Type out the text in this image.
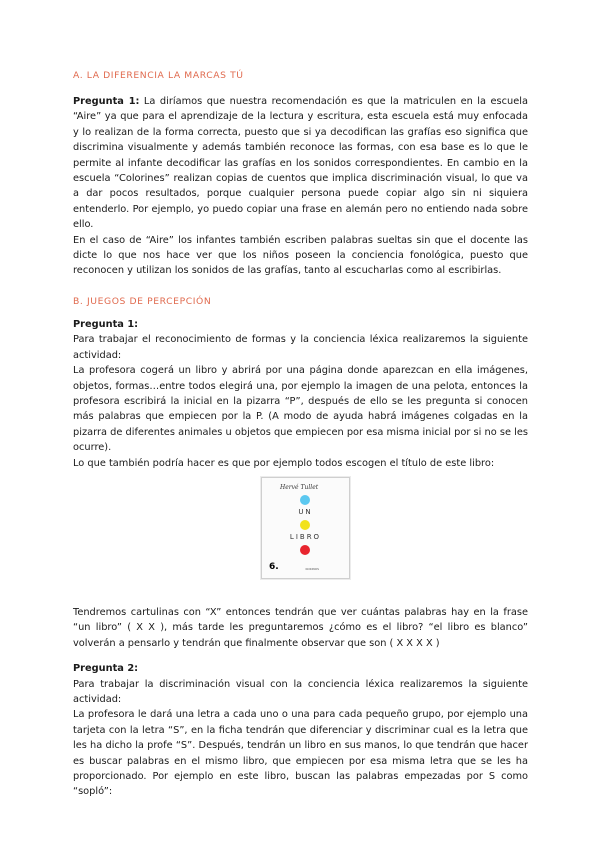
A. LA DIFERENCIA LA MARCAS TÚ

Pregunta 1: La diríamos que nuestra recomendación es que la matriculen en la escuela “Aire” ya que para el aprendizaje de la lectura y escritura, esta escuela está muy enfocada y lo realizan de la forma correcta, puesto que si ya decodifican las grafías eso significa que discrimina visualmente y además también reconoce las formas, con esa base es lo que le permite al infante decodificar las grafías en los sonidos correspondientes. En cambio en la escuela “Colorines” realizan copias de cuentos que implica discriminación visual, lo que va a dar pocos resultados, porque cualquier persona puede copiar algo sin ni siquiera entenderlo. Por ejemplo, yo puedo copiar una frase en alemán pero no entiendo nada sobre ello.

En el caso de “Aire” los infantes también escriben palabras sueltas sin que el docente las dicte lo que nos hace ver que los niños poseen la conciencia fonológica, puesto que reconocen y utilizan los sonidos de las grafías, tanto al escucharlas como al escribirlas.

B. JUEGOS DE PERCEPCIÓN

Pregunta 1:

Para trabajar el reconocimiento de formas y la conciencia léxica realizaremos la siguiente actividad:

La profesora cogerá un libro y abrirá por una página donde aparezcan en ella imágenes, objetos, formas…entre todos elegirá una, por ejemplo la imagen de una pelota, entonces la profesora escribirá la inicial en la pizarra “P”, después de ello se les pregunta si conocen más palabras que empiecen por la P. (A modo de ayuda habrá imágenes colgadas en la pizarra de diferentes animales u objetos que empiecen por esa misma inicial por si no se les ocurre).

Lo que también podría hacer es que por ejemplo todos escogen el título de este libro:

Hervé Tullet
UN
LIBRO
6.	KOKINOS

Tendremos cartulinas con “X” entonces tendrán que ver cuántas palabras hay en la frase “un libro” ( X X ), más tarde les preguntaremos ¿cómo es el libro? “el libro es blanco” volverán a pensarlo y tendrán que finalmente observar que son ( X X X X )

Pregunta 2:

Para trabajar la discriminación visual con la conciencia léxica realizaremos la siguiente actividad:

La profesora le dará una letra a cada uno o una para cada pequeño grupo, por ejemplo una tarjeta con la letra “S”, en la ficha tendrán que diferenciar y discriminar cual es la letra que les ha dicho la profe “S”. Después, tendrán un libro en sus manos, lo que tendrán que hacer es buscar palabras en el mismo libro, que empiecen por esa misma letra que se les ha proporcionado. Por ejemplo en este libro, buscan las palabras empezadas por S como “sopló”:
